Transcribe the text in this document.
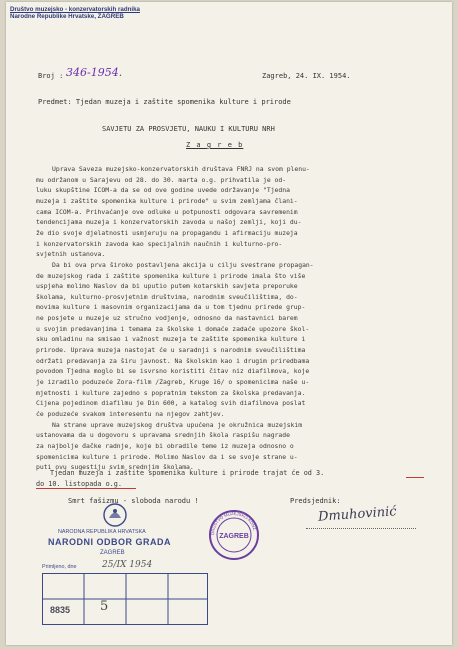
Društvo muzejsko - konzervatorskih radnika
Narodne Republike Hrvatske, ZAGREB
Broj : 346-1954.	Zagreb, 24. IX. 1954.
Predmet: Tjedan muzeja i zaštite spomenika kulture i prirode
SAVJETU ZA PROSVJETU, NAUKU I KULTURU NRH
Z a g r e b
Uprava Saveza muzejsko-konzervatorskih društava FNRJ na svom plenu-
mu održanom u Sarajevu od 28. do 30. marta o.g. prihvatila je od-
luku skupštine ICOM-a da se od ove godine uvede održavanje "Tjedna
muzeja i zaštite spomenika kulture i prirode" u svim zemljama člani-
cama ICOM-a. Prihvaćanje ove odluke u potpunosti odgovara savremenim
tendencijama muzeja i konzervatorskih zavoda u našoj zemlji, koji du-
že dio svoje djelatnosti usmjeruju na propagandu i afirmaciju muzeja
i konzervatorskih zavoda kao specijalnih naučnih i kulturno-pro-
svjetnih ustanova.
Da bi ova prva široko postavljena akcija u cilju svestrane propagan-
de muzejskog rada i zaštite spomenika kulture i prirode imala što više
uspjeha molimo Naslov da bi uputio putem kotarskih savjeta preporuke
školama, kulturno-prosvjetnim društvima, narodnim sveučilištima, do-
movima kulture i masovnim organizacijama da u tom tjednu prirede grup-
ne posjete u muzeje uz stručno vodjenje, odnosno da nastavnici barem
u svojim predavanjima i temama za školske i domaće zadaće upozore škol-
sku omladinu na smisao i važnost muzeja te zaštite spomenika kulture i
prirode. Uprava muzeja nastojat će u saradnji s narodnim sveučilištima
održati predavanja za širu javnost. Na školskim kao i drugim priredbama
povodom Tjedna moglo bi se isvrsno koristiti čitav niz diafilmova, koje
je izradilo poduzeće Zora-film /Zagreb, Kruge 16/ o spomenicima naše u-
mjetnosti i kulture zajedno s popratnim tekstom za školska predavanja.
Cijena pojedinom diafilmu je Din 600, a katalog svih diafilmova poslat
će poduzeće svakom interesentu na njegov zahtjev.
Na strane uprave muzejskog društva upućena je okružnica muzejskim
ustanovama da u dogovoru s upravama srednjih škola raspišu nagrade
za najbolje đačke radnje, koje bi obradile teme iz muzeja odnosno o
spomenicima kulture i prirode. Molimo Naslov da i se svoje strane u-
puti ovu sugestiju svim srednjim školama.
Tjedan muzeja i zaštite spomenika kulture i prirode trajat će od 3.
do 10. listopada o.g.
Smrt fašizmu - sloboda narodu !	Predsjednik:
Dmuhovinić
ZAGREB
DRUŠTVO MUZEJSKO-KONZ.
NARODNA REPUBLIKA HRVATSKA
NARODNI ODBOR GRADA
ZAGREB
Primljeno, dne	25/IX 1954
8835 5
